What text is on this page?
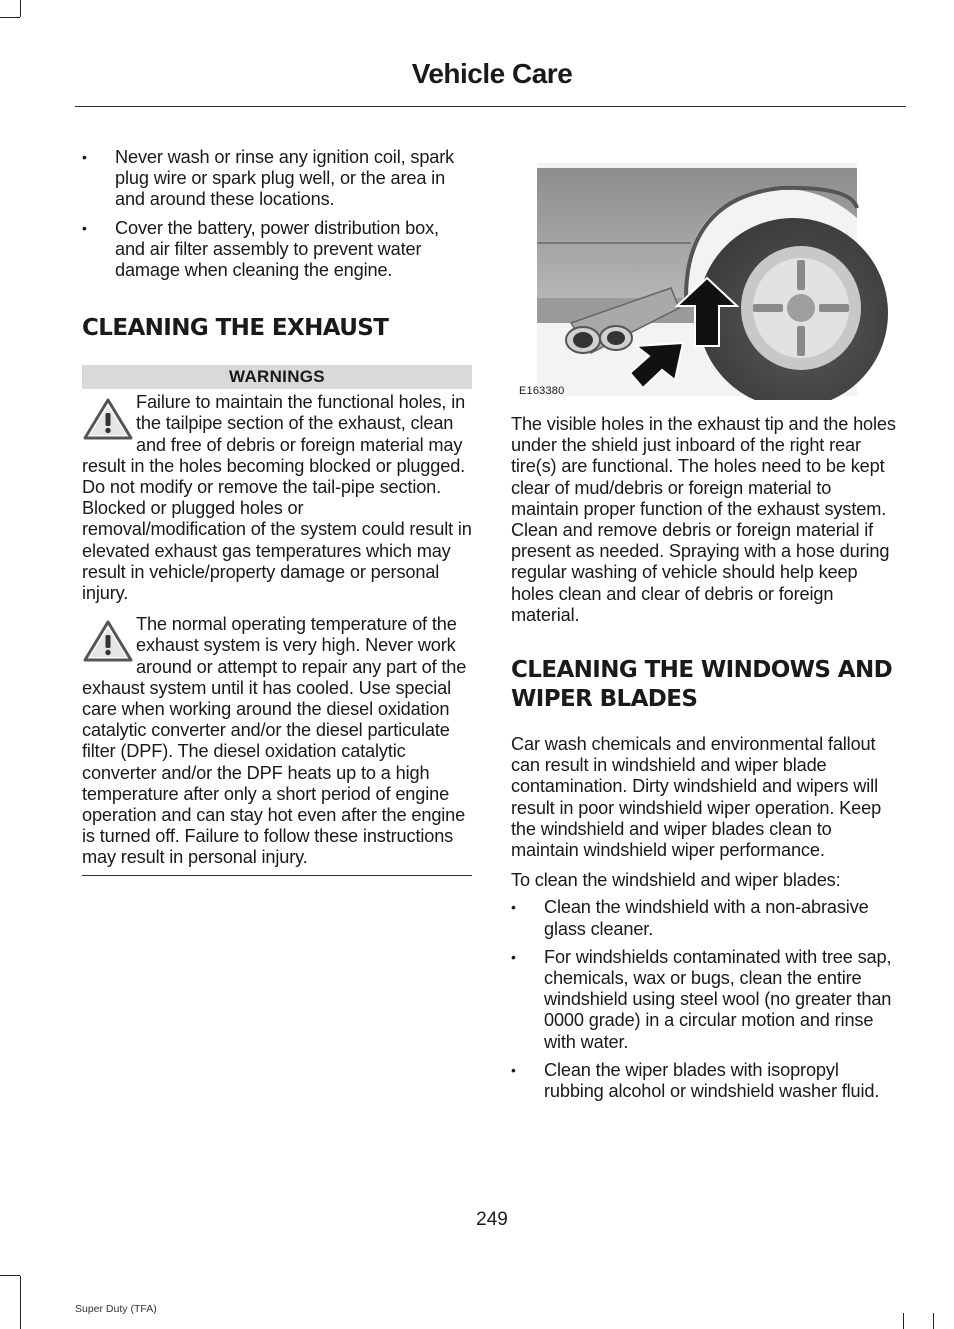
Vehicle Care
• Never wash or rinse any ignition coil, spark plug wire or spark plug well, or the area in and around these locations.
• Cover the battery, power distribution box, and air filter assembly to prevent water damage when cleaning the engine.
CLEANING THE EXHAUST
WARNINGS

Failure to maintain the functional holes, in the tailpipe section of the exhaust, clean and free of debris or foreign material may result in the holes becoming blocked or plugged. Do not modify or remove the tail-pipe section. Blocked or plugged holes or removal/modification of the system could result in elevated exhaust gas temperatures which may result in vehicle/property damage or personal injury.

The normal operating temperature of the exhaust system is very high. Never work around or attempt to repair any part of the exhaust system until it has cooled. Use special care when working around the diesel oxidation catalytic converter and/or the diesel particulate filter (DPF). The diesel oxidation catalytic converter and/or the DPF heats up to a high temperature after only a short period of engine operation and can stay hot even after the engine is turned off. Failure to follow these instructions may result in personal injury.

E163380

The visible holes in the exhaust tip and the holes under the shield just inboard of the right rear tire(s) are functional. The holes need to be kept clear of mud/debris or foreign material to maintain proper function of the exhaust system. Clean and remove debris or foreign material if present as needed. Spraying with a hose during regular washing of vehicle should help keep holes clean and clear of debris or foreign material.

CLEANING THE WINDOWS AND WIPER BLADES

Car wash chemicals and environmental fallout can result in windshield and wiper blade contamination. Dirty windshield and wipers will result in poor windshield wiper operation. Keep the windshield and wiper blades clean to maintain windshield wiper performance.

To clean the windshield and wiper blades:

• Clean the windshield with a non-abrasive glass cleaner.
• For windshields contaminated with tree sap, chemicals, wax or bugs, clean the entire windshield using steel wool (no greater than 0000 grade) in a circular motion and rinse with water.
• Clean the wiper blades with isopropyl rubbing alcohol or windshield washer fluid.
249
Super Duty (TFA)
